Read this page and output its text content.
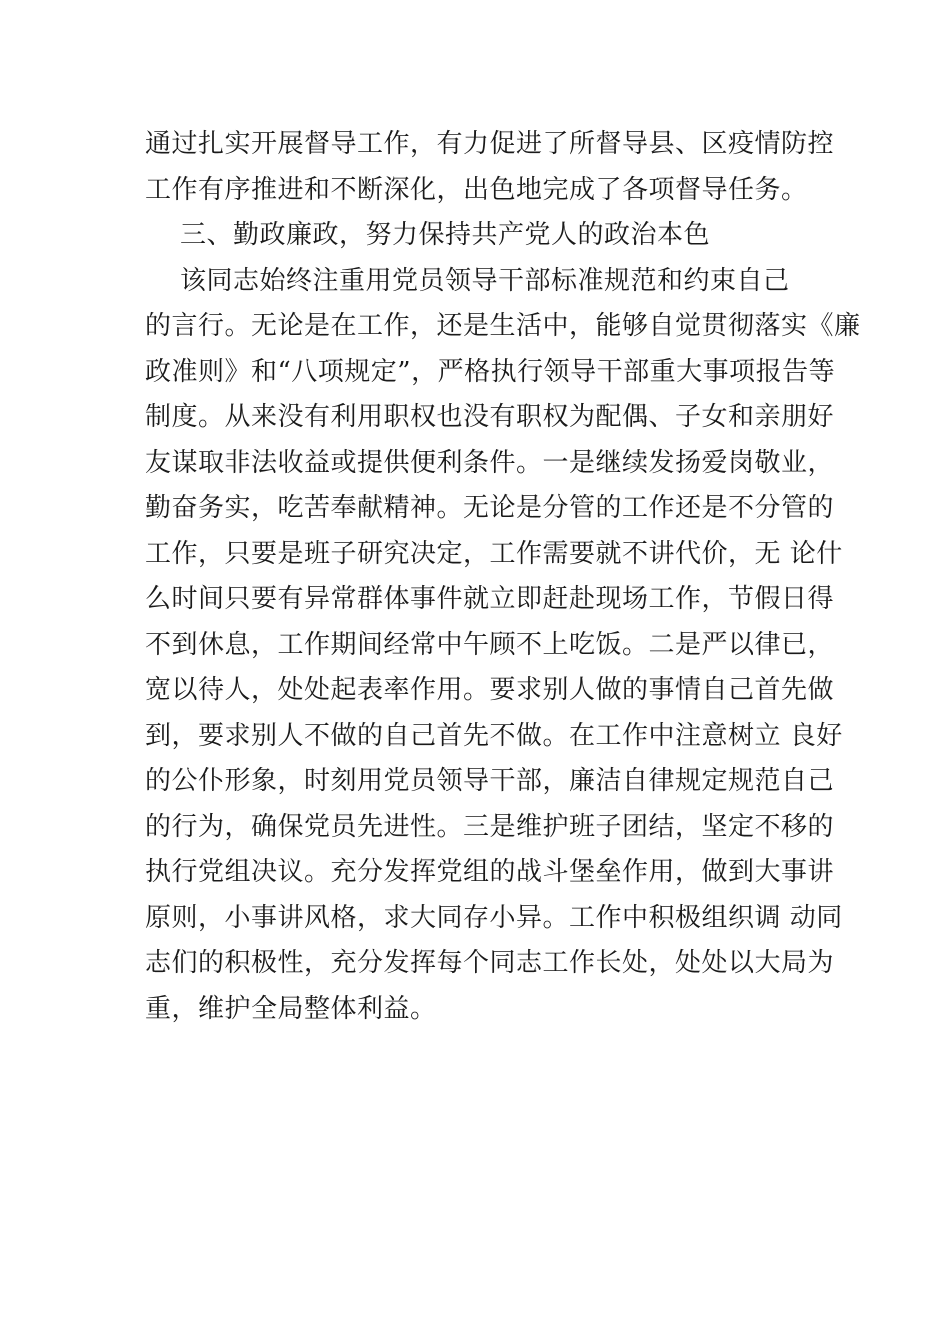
通过扎实开展督导工作，有力促进了所督导县、区疫情防控
工作有序推进和不断深化，出色地完成了各项督导任务。
三、勤政廉政，努力保持共产党人的政治本色
该同志始终注重用党员领导干部标准规范和约束自己
的言行。无论是在工作，还是生活中，能够自觉贯彻落实《廉
政准则》和“八项规定”，严格执行领导干部重大事项报告等
制度。从来没有利用职权也没有职权为配偶、子女和亲朋好
友谋取非法收益或提供便利条件。一是继续发扬爱岗敬业，
勤奋务实，吃苦奉献精神。无论是分管的工作还是不分管的
工作，只要是班子研究决定，工作需要就不讲代价，无 论什
么时间只要有异常群体事件就立即赶赴现场工作，节假日得
不到休息，工作期间经常中午顾不上吃饭。二是严以律已，
宽以待人，处处起表率作用。要求别人做的事情自己首先做
到，要求别人不做的自己首先不做。在工作中注意树立 良好
的公仆形象，时刻用党员领导干部，廉洁自律规定规范自己
的行为，确保党员先进性。三是维护班子团结，坚定不移的
执行党组决议。充分发挥党组的战斗堡垒作用，做到大事讲
原则，小事讲风格，求大同存小异。工作中积极组织调 动同
志们的积极性，充分发挥每个同志工作长处，处处以大局为
重，维护全局整体利益。
